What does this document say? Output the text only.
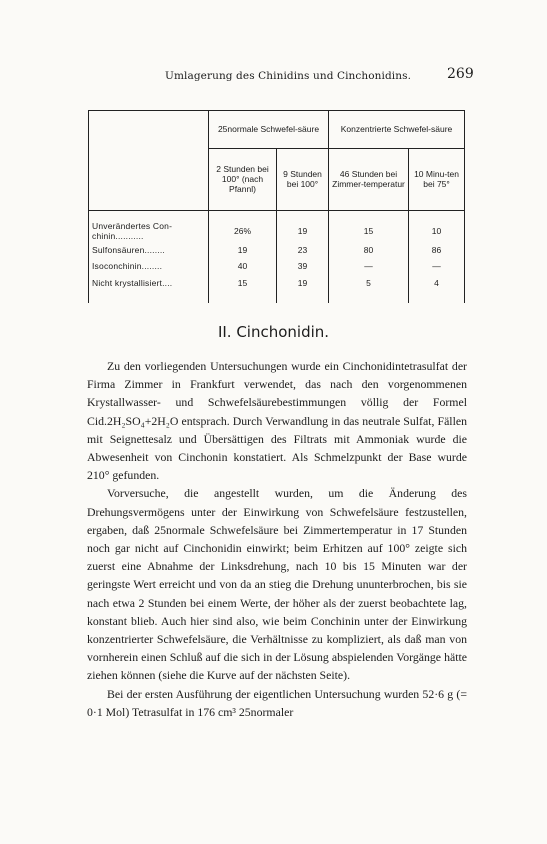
Umlagerung des Chinidins und Cinchonidins.	269
	25normale Schwefel-säure		Konzentrierte Schwefel-säure	
	2 Stunden bei 100° (nach Pfannl)	9 Stunden bei 100°	46 Stunden bei Zimmer-temperatur	10 Minu-ten bei 75°
Unverändertes Con-chinin...........	26%	19	15	10
Sulfonsäuren........	19	23	80	86
Isoconchinin........	40	39	—	—
Nicht krystallisiert....	15	19	5	4

II. Cinchonidin.

Zu den vorliegenden Untersuchungen wurde ein Cinchonidintetrasulfat der Firma Zimmer in Frankfurt verwendet, das nach den vorgenommenen Krystallwasser- und Schwefelsäurebestimmungen völlig der Formel Cid.2H₂SO₄+2H₂O entsprach. Durch Verwandlung in das neutrale Sulfat, Fällen mit Seignettesalz und Übersättigen des Filtrats mit Ammoniak wurde die Abwesenheit von Cinchonin konstatiert. Als Schmelzpunkt der Base wurde 210° gefunden.

Vorversuche, die angestellt wurden, um die Änderung des Drehungsvermögens unter der Einwirkung von Schwefelsäure festzustellen, ergaben, daß 25normale Schwefelsäure bei Zimmertemperatur in 17 Stunden noch gar nicht auf Cinchonidin einwirkt; beim Erhitzen auf 100° zeigte sich zuerst eine Abnahme der Linksdrehung, nach 10 bis 15 Minuten war der geringste Wert erreicht und von da an stieg die Drehung ununterbrochen, bis sie nach etwa 2 Stunden bei einem Werte, der höher als der zuerst beobachtete lag, konstant blieb. Auch hier sind also, wie beim Conchinin unter der Einwirkung konzentrierter Schwefelsäure, die Verhältnisse zu kompliziert, als daß man von vornherein einen Schluß auf die sich in der Lösung abspielenden Vorgänge hätte ziehen können (siehe die Kurve auf der nächsten Seite).

Bei der ersten Ausführung der eigentlichen Untersuchung wurden 52·6 g (= 0·1 Mol) Tetrasulfat in 176 cm³ 25normaler
